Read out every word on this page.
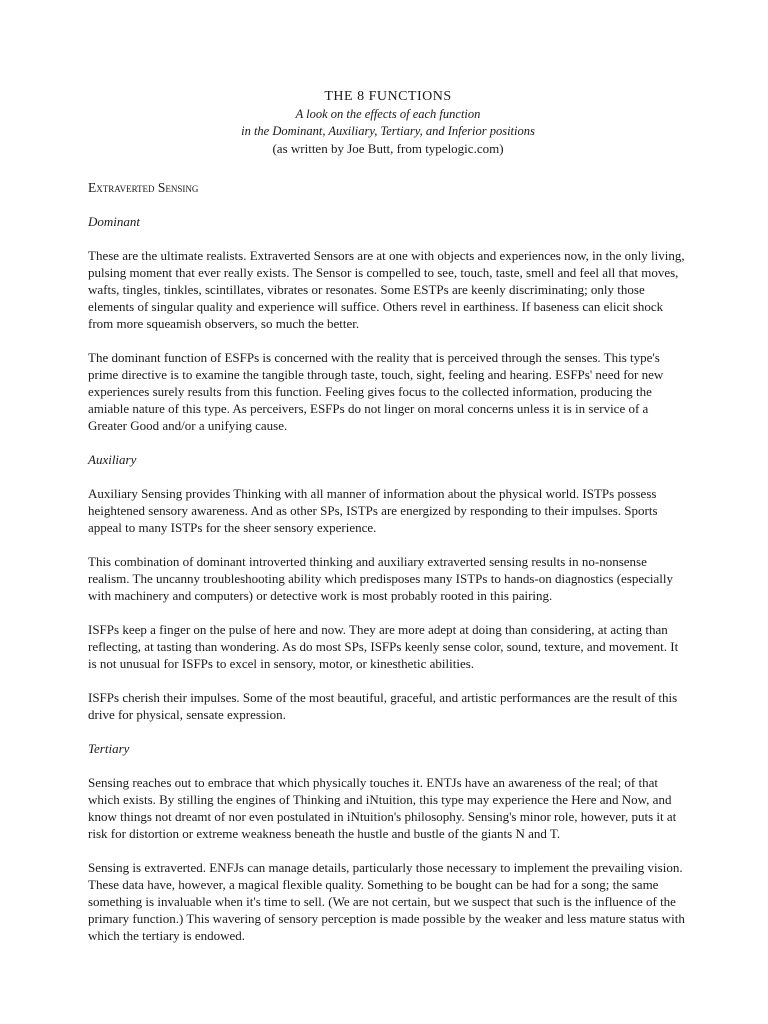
THE 8 FUNCTIONS
A look on the effects of each function
in the Dominant, Auxiliary, Tertiary, and Inferior positions
(as written by Joe Butt, from typelogic.com)
Extraverted Sensing
Dominant

These are the ultimate realists. Extraverted Sensors are at one with objects and experiences now, in the only living, pulsing moment that ever really exists. The Sensor is compelled to see, touch, taste, smell and feel all that moves, wafts, tingles, tinkles, scintillates, vibrates or resonates. Some ESTPs are keenly discriminating; only those elements of singular quality and experience will suffice. Others revel in earthiness. If baseness can elicit shock from more squeamish observers, so much the better.

The dominant function of ESFPs is concerned with the reality that is perceived through the senses. This type's prime directive is to examine the tangible through taste, touch, sight, feeling and hearing. ESFPs' need for new experiences surely results from this function. Feeling gives focus to the collected information, producing the amiable nature of this type. As perceivers, ESFPs do not linger on moral concerns unless it is in service of a Greater Good and/or a unifying cause.

Auxiliary

Auxiliary Sensing provides Thinking with all manner of information about the physical world. ISTPs possess heightened sensory awareness. And as other SPs, ISTPs are energized by responding to their impulses. Sports appeal to many ISTPs for the sheer sensory experience.

This combination of dominant introverted thinking and auxiliary extraverted sensing results in no-nonsense realism. The uncanny troubleshooting ability which predisposes many ISTPs to hands-on diagnostics (especially with machinery and computers) or detective work is most probably rooted in this pairing.

ISFPs keep a finger on the pulse of here and now. They are more adept at doing than considering, at acting than reflecting, at tasting than wondering. As do most SPs, ISFPs keenly sense color, sound, texture, and movement. It is not unusual for ISFPs to excel in sensory, motor, or kinesthetic abilities.

ISFPs cherish their impulses. Some of the most beautiful, graceful, and artistic performances are the result of this drive for physical, sensate expression.

Tertiary

Sensing reaches out to embrace that which physically touches it. ENTJs have an awareness of the real; of that which exists. By stilling the engines of Thinking and iNtuition, this type may experience the Here and Now, and know things not dreamt of nor even postulated in iNtuition's philosophy. Sensing's minor role, however, puts it at risk for distortion or extreme weakness beneath the hustle and bustle of the giants N and T.

Sensing is extraverted. ENFJs can manage details, particularly those necessary to implement the prevailing vision. These data have, however, a magical flexible quality. Something to be bought can be had for a song; the same something is invaluable when it's time to sell. (We are not certain, but we suspect that such is the influence of the primary function.) This wavering of sensory perception is made possible by the weaker and less mature status with which the tertiary is endowed.
